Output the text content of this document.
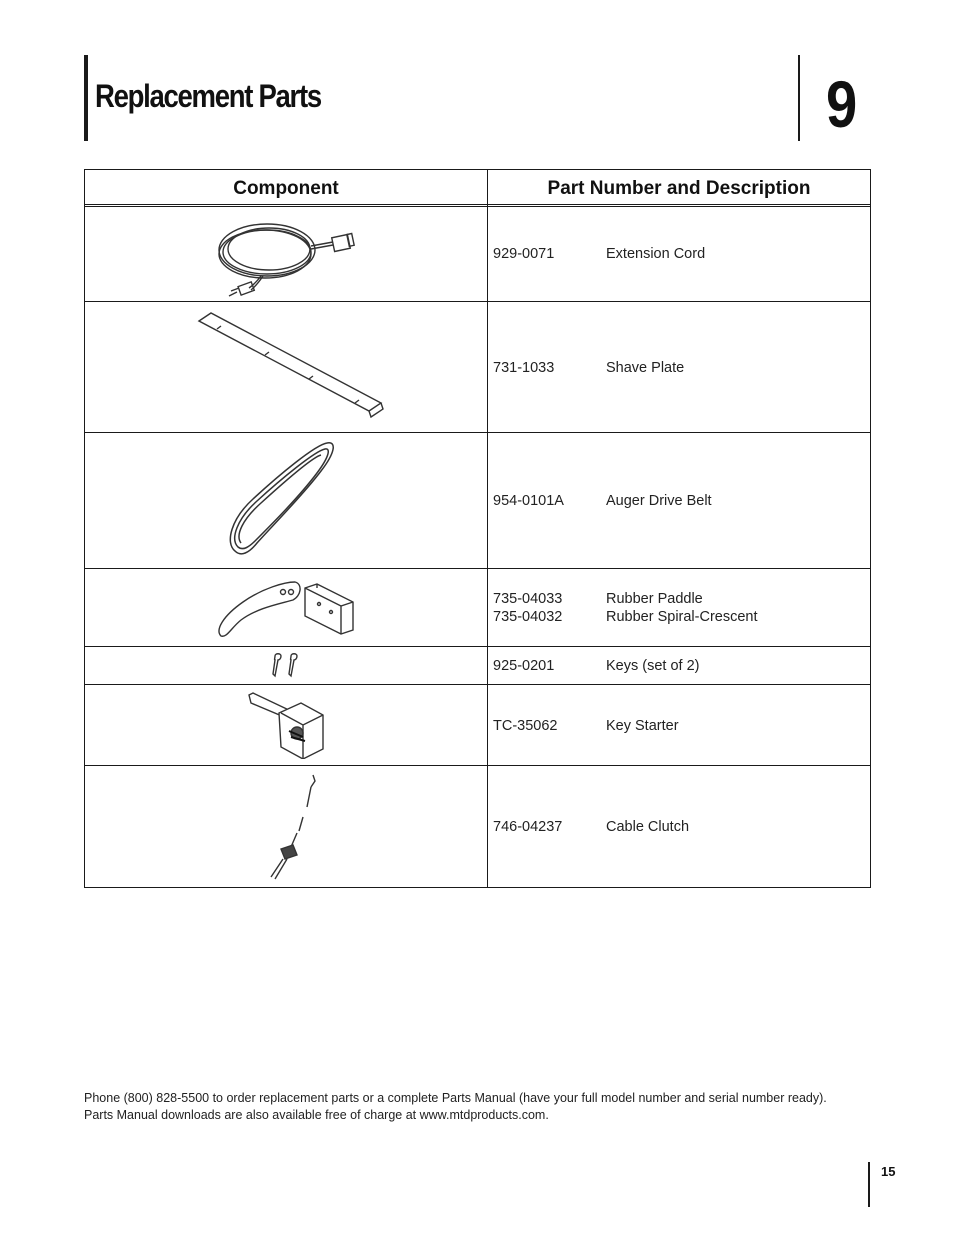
Replacement Parts	9
Component	Part Number and Description
929-0071	Extension Cord
731-1033	Shave Plate
954-0101A	Auger Drive Belt
735-04033	Rubber Paddle
735-04032	Rubber Spiral-Crescent
925-0201	Keys (set of 2)
TC-35062	Key Starter
746-04237	Cable Clutch
Phone (800) 828-5500 to order replacement parts or a complete Parts Manual (have your full model number and serial number ready).
Parts Manual downloads are also available free of charge at www.mtdproducts.com.
15
